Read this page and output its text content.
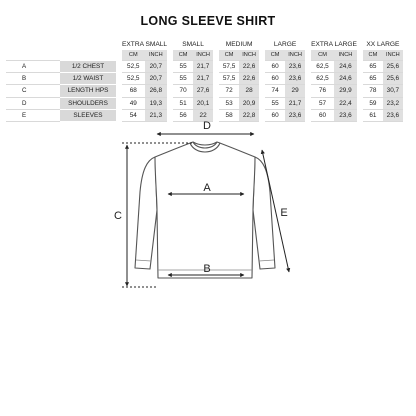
LONG SLEEVE SHIRT
			EXTRA SMALL			SMALL			MEDIUM			LARGE			EXTRA LARGE			XX LARGE	
			CM	INCH		CM	INCH		CM	INCH		CM	INCH		CM	INCH		CM	INCH
A	1/2 CHEST		52,5	20,7		55	21,7		57,5	22,6		60	23,6		62,5	24,6		65	25,6
B	1/2 WAIST		52,5	20,7		55	21,7		57,5	22,6		60	23,6		62,5	24,6		65	25,6
C	LENGTH HPS		68	26,8		70	27,6		72	28		74	29		76	29,9		78	30,7
D	SHOULDERS		49	19,3		51	20,1		53	20,9		55	21,7		57	22,4		59	23,2
E	SLEEVES		54	21,3		56	22		58	22,8		60	23,6		60	23,6		61	23,6
D
A
B
C	E
